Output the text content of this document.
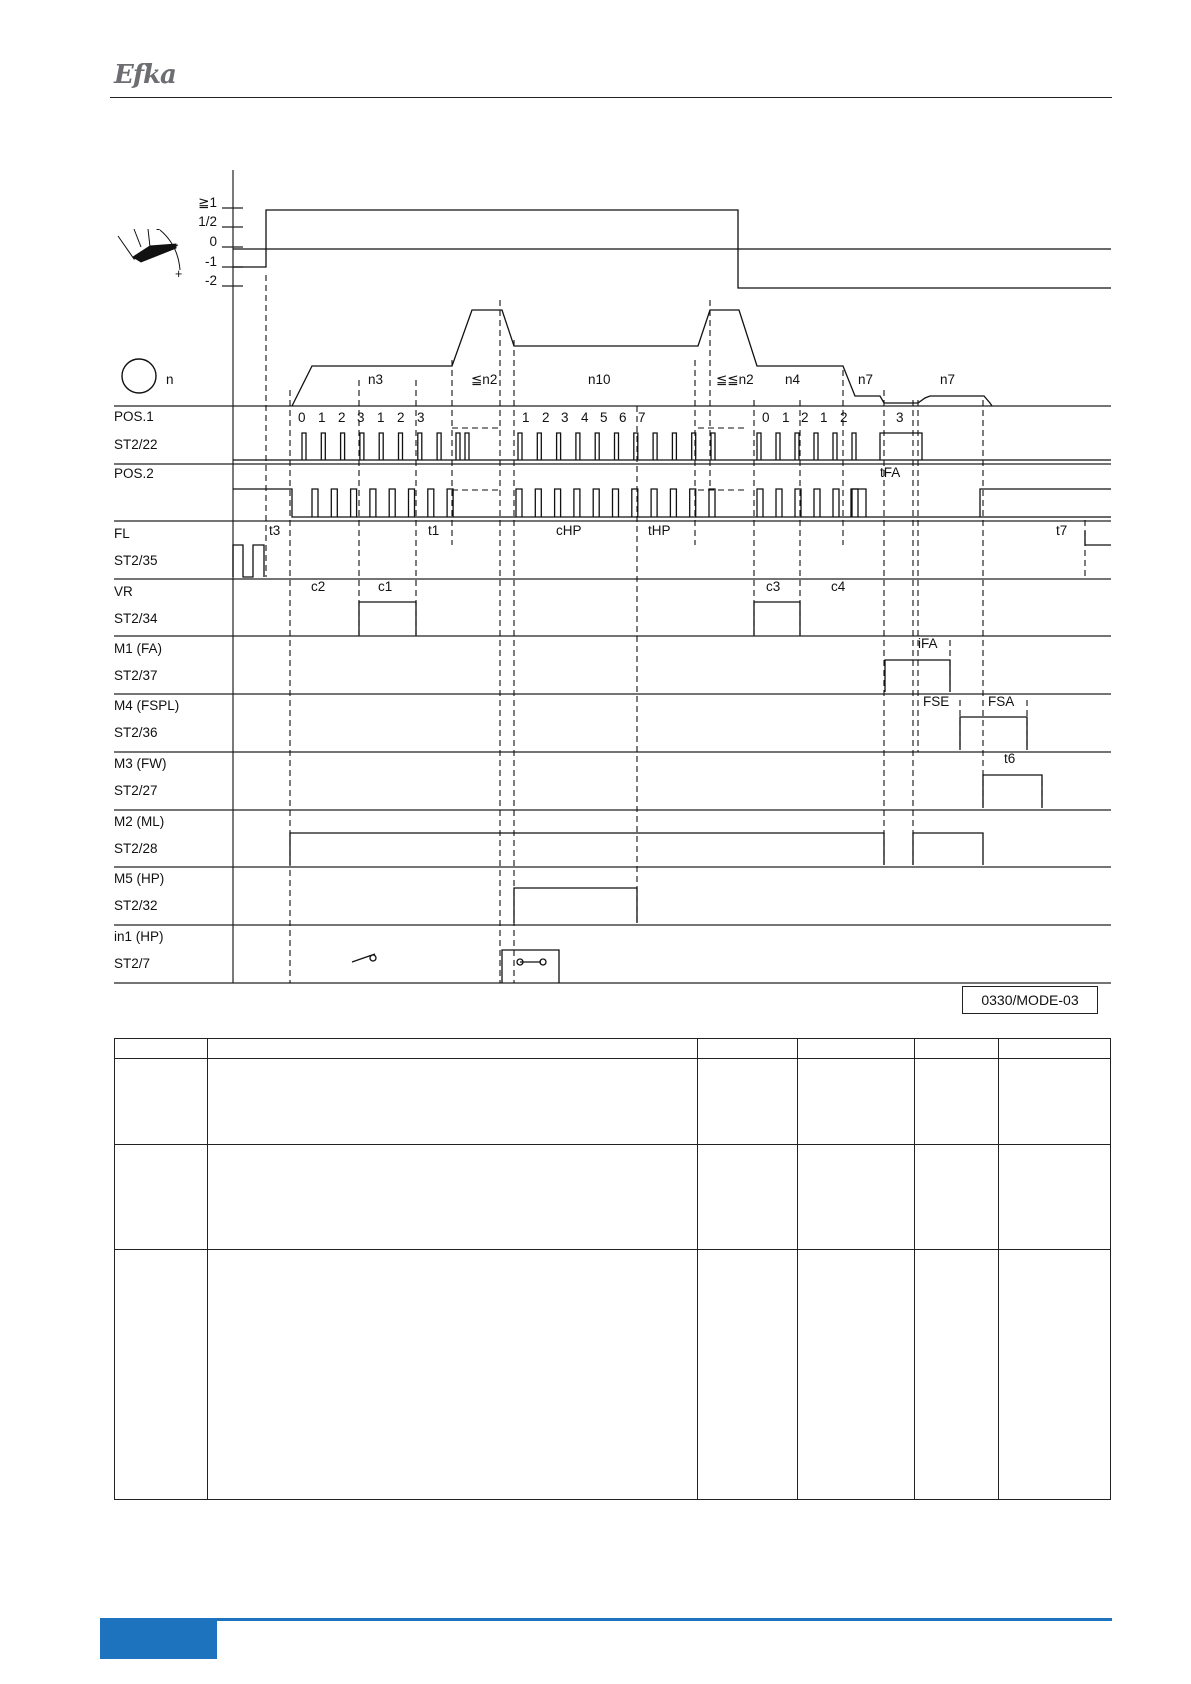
Efka
≧1
1/2
0
-1
-2
-
+
n	n3	≦n2	n10	≦≦n2 n4	n7	n7
POS.1
ST2/22
POS.2
FL
ST2/35
VR
ST2/34
M1 (FA)
ST2/37
M4 (FSPL)
ST2/36
M3 (FW)
ST2/27
M2 (ML)
ST2/28
M5 (HP)
ST2/32
in1 (HP)
ST2/7
0 1 2 3 1 2 3	1 2 3 4 5 6 7	0 1 2 1 2	3
tFA
t3	t1	cHP	tHP	t7
c2	c1	c3	c4
iFA
FSE	FSA
t6
0330/MODE-03
